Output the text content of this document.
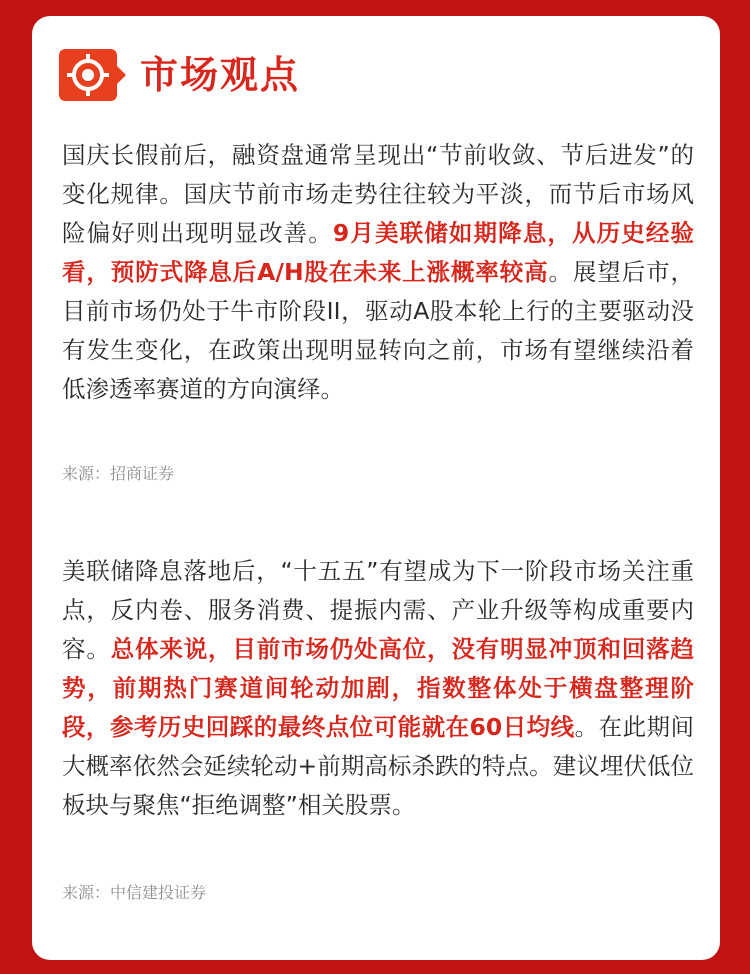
市场观点
国庆长假前后，融资盘通常呈现出“节前收敛、节后进发”的变化规律。国庆节前市场走势往往较为平淡，而节后市场风险偏好则出现明显改善。9月美联储如期降息，从历史经验看，预防式降息后A/H股在未来上涨概率较高。展望后市，目前市场仍处于牛市阶段II，驱动A股本轮上行的主要驱动没有发生变化，在政策出现明显转向之前，市场有望继续沿着低渗透率赛道的方向演绎。
来源：招商证券
美联储降息落地后，“十五五”有望成为下一阶段市场关注重点，反内卷、服务消费、提振内需、产业升级等构成重要内容。总体来说，目前市场仍处高位，没有明显冲顶和回落趋势，前期热门赛道间轮动加剧，指数整体处于横盘整理阶段，参考历史回踩的最终点位可能就在60日均线。在此期间大概率依然会延续轮动+前期高标杀跌的特点。建议埋伏低位板块与聚焦“拒绝调整”相关股票。
来源：中信建投证券
